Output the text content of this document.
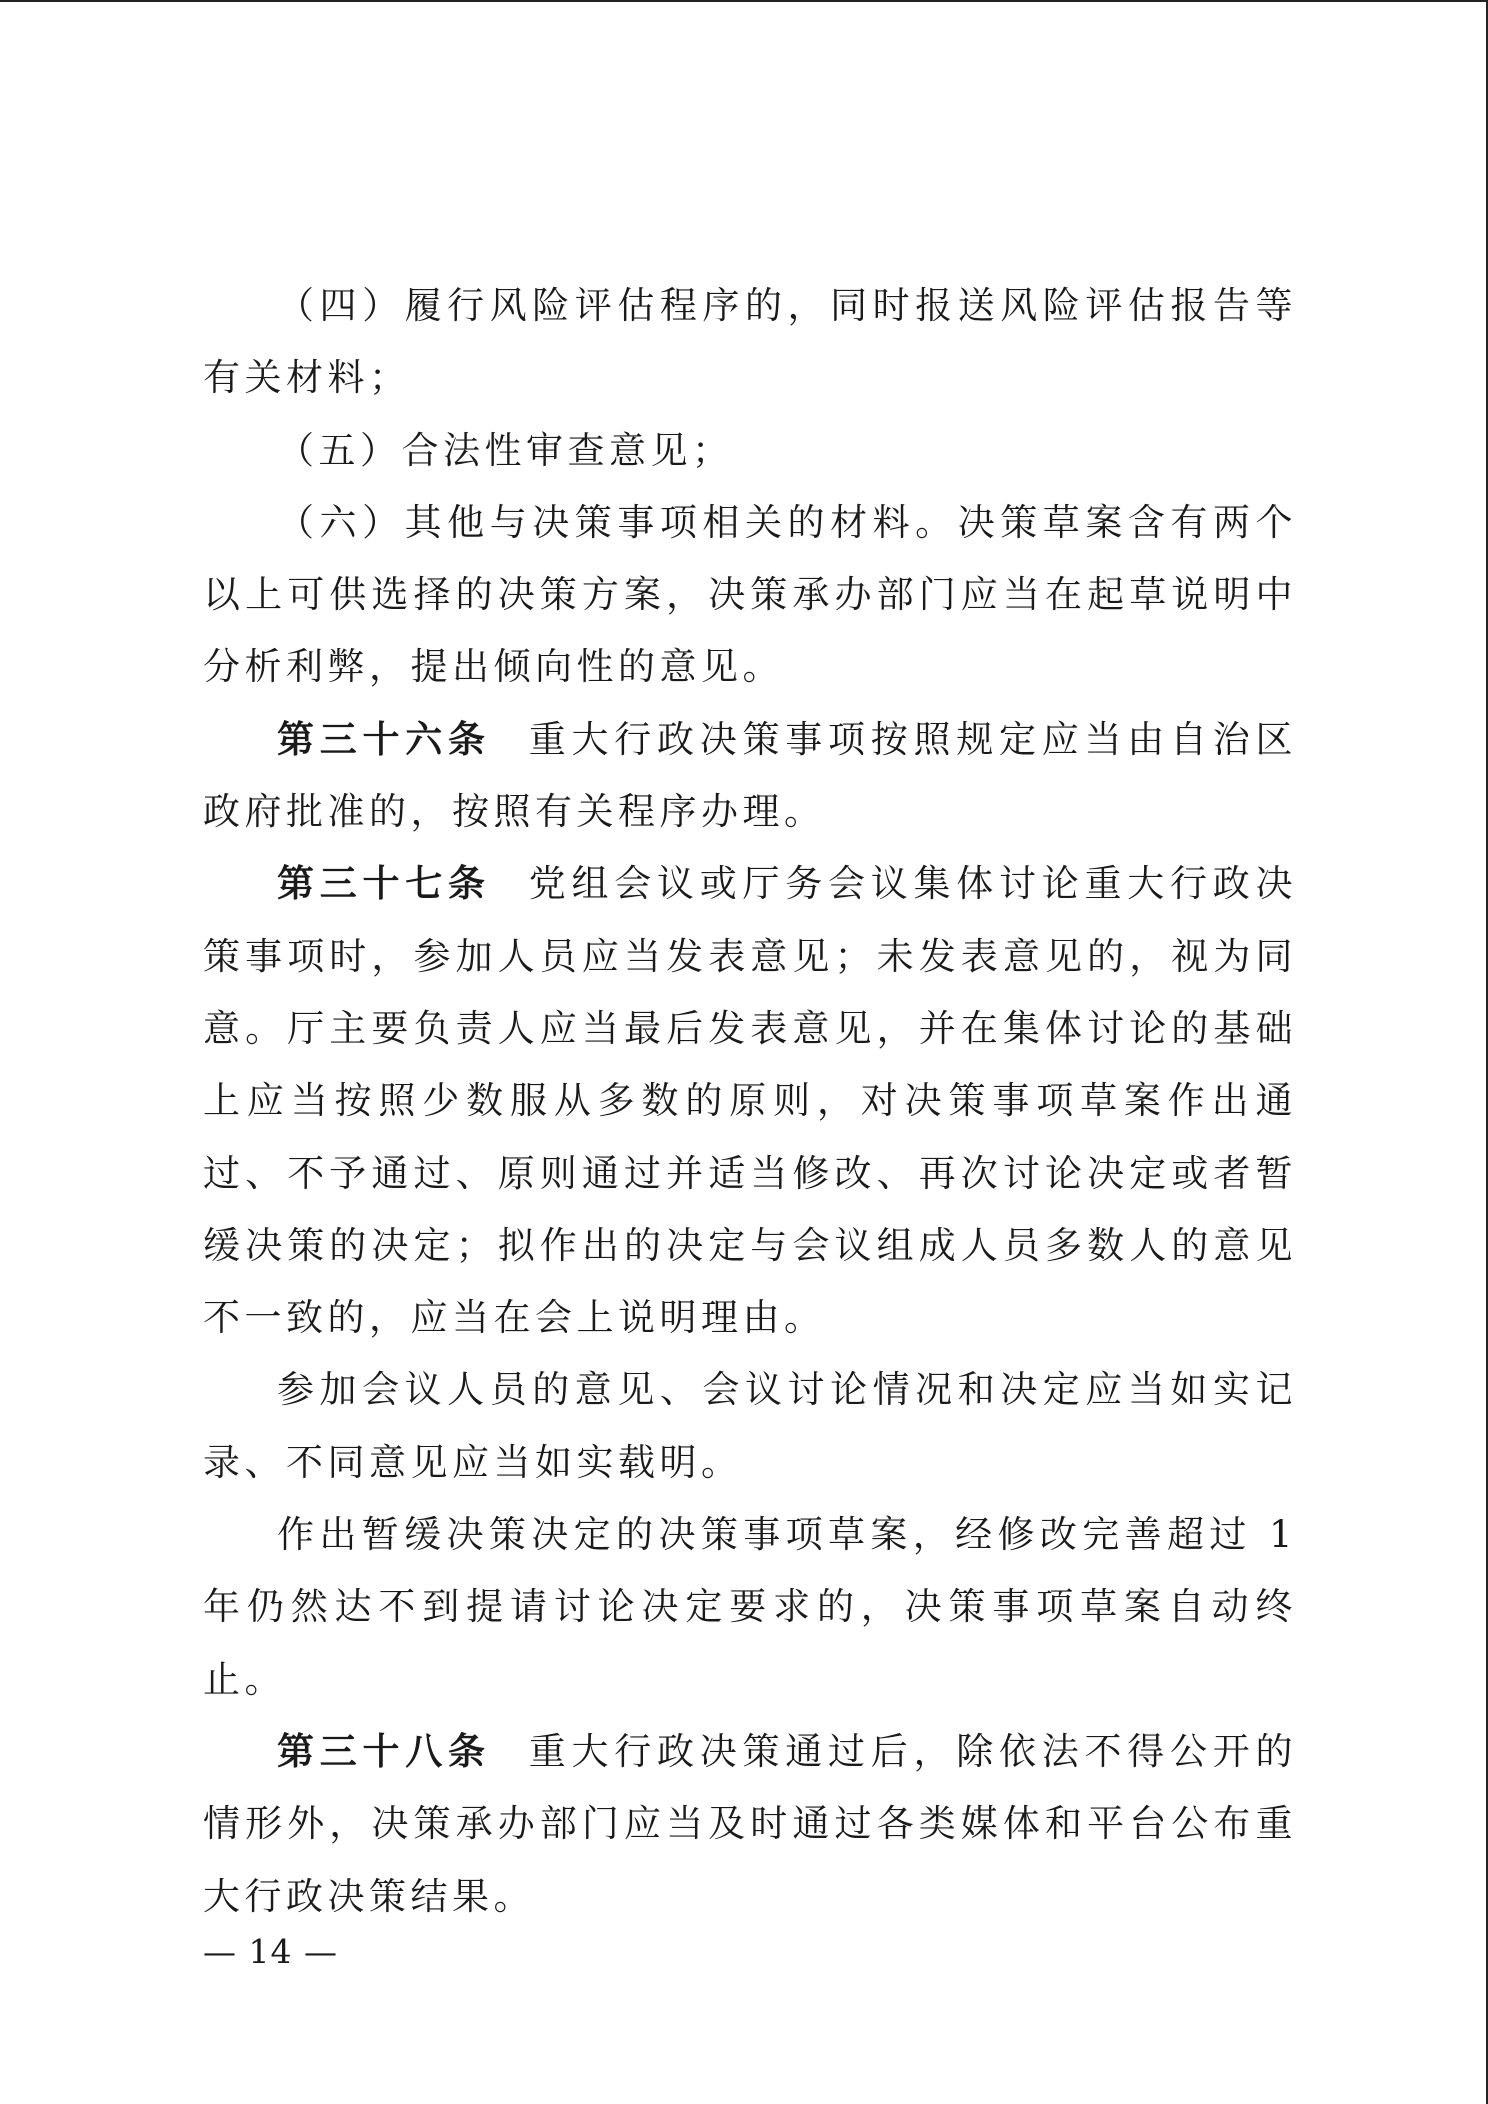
（四）履行风险评估程序的，同时报送风险评估报告等有关材料；

（五）合法性审查意见；

（六）其他与决策事项相关的材料。决策草案含有两个以上可供选择的决策方案，决策承办部门应当在起草说明中分析利弊，提出倾向性的意见。

第三十六条 重大行政决策事项按照规定应当由自治区政府批准的，按照有关程序办理。

第三十七条 党组会议或厅务会议集体讨论重大行政决策事项时，参加人员应当发表意见；未发表意见的，视为同意。厅主要负责人应当最后发表意见，并在集体讨论的基础上应当按照少数服从多数的原则，对决策事项草案作出通过、不予通过、原则通过并适当修改、再次讨论决定或者暂缓决策的决定；拟作出的决定与会议组成人员多数人的意见不一致的，应当在会上说明理由。

参加会议人员的意见、会议讨论情况和决定应当如实记录、不同意见应当如实载明。

作出暂缓决策决定的决策事项草案，经修改完善超过 1 年仍然达不到提请讨论决定要求的，决策事项草案自动终止。

第三十八条 重大行政决策通过后，除依法不得公开的情形外，决策承办部门应当及时通过各类媒体和平台公布重大行政决策结果。

— 14 —
